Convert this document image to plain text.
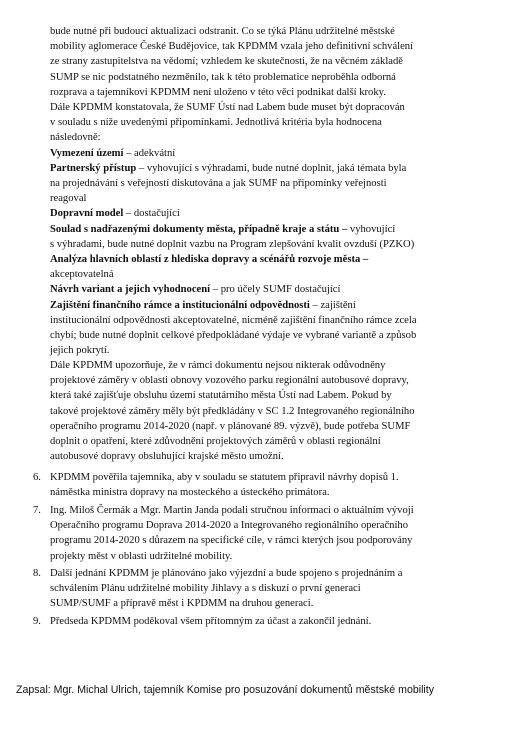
bude nutné při budoucí aktualizaci odstranit. Co se týká Plánu udržitelné městské
mobility aglomerace České Budějovice, tak KPDMM vzala jeho definitivní schválení
ze strany zastupitelstva na vědomí; vzhledem ke skutečnosti, že na věcném základě
SUMP se nic podstatného nezměnilo, tak k této problematice neproběhla odborná
rozprava a tajemníkovi KPDMM není uloženo v této věci podnikat další kroky.
Dále KPDMM konstatovala, že SUMF Ústí nad Labem bude muset být dopracován
v souladu s níže uvedenými připomínkami. Jednotlivá kritéria byla hodnocena
následovně:
Vymezení území – adekvátní
Partnerský přístup – vyhovující s výhradami, bude nutné doplnit, jaká témata byla
na projednávání s veřejností diskutována a jak SUMF na připomínky veřejnosti
reagoval
Dopravní model – dostačující
Soulad s nadřazenými dokumenty města, případně kraje a státu – vyhovující
s výhradami, bude nutné doplnit vazbu na Program zlepšování kvalit ovzduší (PZKO)
Analýza hlavních oblastí z hlediska dopravy a scénářů rozvoje města –
akceptovatelná
Návrh variant a jejich vyhodnocení – pro účely SUMF dostačující
Zajištění finančního rámce a institucionální odpovědnosti – zajištění
institucionální odpovědnosti akceptovatelné, nicméně zajištění finančního rámce zcela
chybí; bude nutné doplnit celkové předpokládané výdaje ve vybrané variantě a způsob
jejich pokrytí.
Dále KPDMM upozorňuje, že v rámci dokumentu nejsou nikterak odůvodněny
projektové záměry v oblasti obnovy vozového parku regionální autobusové dopravy,
která také zajišťuje obsluhu území statutárního města Ústí nad Labem. Pokud by
takové projektové záměry měly být předkládány v SC 1.2 Integrovaného regionálního
operačního programu 2014-2020 (např. v plánované 89. výzvě), bude potřeba SUMF
doplnit o opatření, které zdůvodnění projektových záměrů v oblasti regionální
autobusové dopravy obsluhující krajské město umožní.
6. KPDMM pověřila tajemníka, aby v souladu se statutem připravil návrhy dopisů 1.
náměstka ministra dopravy na mosteckého a ústeckého primátora.
7. Ing. Miloš Čermák a Mgr. Martin Janda podali stručnou informaci o aktuálním vývoji
Operačního programu Doprava 2014-2020 a Integrovaného regionálního operačního
programu 2014-2020 s důrazem na specifické cíle, v rámci kterých jsou podporovány
projekty měst v oblasti udržitelné mobility.
8. Další jednání KPDMM je plánováno jako výjezdní a bude spojeno s projednáním a
schválením Plánu udržitelné mobility Jihlavy a s diskuzí o první generaci
SUMP/SUMF a přípravě měst i KPDMM na druhou generaci.
9. Předseda KPDMM poděkoval všem přítomným za účast a zakončil jednání.
Zapsal: Mgr. Michal Ulrich, tajemník Komise pro posuzování dokumentů městské mobility
